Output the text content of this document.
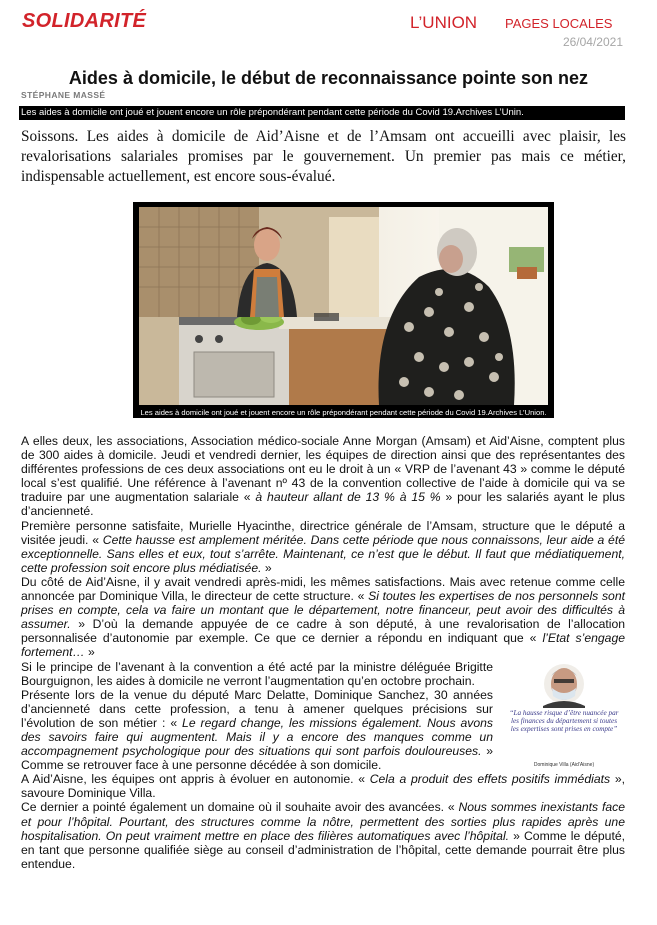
SOLIDARITÉ	L’UNION PAGES LOCALES
26/04/2021
Aides à domicile, le début de reconnaissance pointe son nez
STÉPHANE MASSÉ
Les aides à domicile ont joué et jouent encore un rôle prépondérant pendant cette période du Covid 19.Archives L’Unin.

Soissons. Les aides à domicile de Aid’Aisne et de l’Amsam ont accueilli avec plaisir, les revalorisations salariales promises par le gouvernement. Un premier pas mais ce métier, indispensable actuellement, est encore sous-évalué.

Les aides à domicile ont joué et jouent encore un rôle prépondérant pendant cette période du Covid 19.Archives L’Union.

A elles deux, les associations, Association médico-sociale Anne Morgan (Amsam) et Aid’Aisne, comptent plus de 300 aides à domicile. Jeudi et vendredi dernier, les équipes de direction ainsi que des représentantes des différentes professions de ces deux associations ont eu le droit à un « VRP de l’avenant 43 » comme le député local s’est qualifié. Une référence à l’avenant nº 43 de la convention collective de l’aide à domicile qui va se traduire par une augmentation salariale « à hauteur allant de 13 % à 15 % » pour les salariés ayant le plus d’ancienneté.

Première personne satisfaite, Murielle Hyacinthe, directrice générale de l’Amsam, structure que le député a visitée jeudi. « Cette hausse est amplement méritée. Dans cette période que nous connaissons, leur aide a été exceptionnelle. Sans elles et eux, tout s’arrête. Maintenant, ce n’est que le début. Il faut que médiatiquement, cette profession soit encore plus médiatisée. »

Du côté de Aid’Aisne, il y avait vendredi après-midi, les mêmes satisfactions. Mais avec retenue comme celle annoncée par Dominique Villa, le directeur de cette structure. « Si toutes les expertises de nos personnels sont prises en compte, cela va faire un montant que le département, notre financeur, peut avoir des difficultés à assumer. » D’où la demande appuyée de ce cadre à son député, à une revalorisation de l’allocation personnalisée d’autonomie par exemple. Ce que ce dernier a répondu en indiquant que « l’Etat s’engage fortement… »

“La hausse risque d’être nuancée par les finances du département si toutes les expertises sont prises en compte”
Dominique Villa (Aid’Aisne)

Si le principe de l’avenant à la convention a été acté par la ministre déléguée Brigitte Bourguignon, les aides à domicile ne verront l’augmentation qu’en octobre prochain.

Présente lors de la venue du député Marc Delatte, Dominique Sanchez, 30 années d’ancienneté dans cette profession, a tenu à amener quelques précisions sur l’évolution de son métier : « Le regard change, les missions également. Nous avons des savoirs faire qui augmentent. Mais il y a encore des manques comme un accompagnement psychologique pour des situations qui sont parfois douloureuses. » Comme se retrouver face à une personne décédée à son domicile.

A Aid’Aisne, les équipes ont appris à évoluer en autonomie. « Cela a produit des effets positifs immédiats », savoure Dominique Villa.

Ce dernier a pointé également un domaine où il souhaite avoir des avancées. « Nous sommes inexistants face et pour l’hôpital. Pourtant, des structures comme la nôtre, permettent des sorties plus rapides après une hospitalisation. On peut vraiment mettre en place des filières automatiques avec l’hôpital. » Comme le député, en tant que personne qualifiée siège au conseil d’administration de l’hôpital, cette demande pourrait être plus entendue.
